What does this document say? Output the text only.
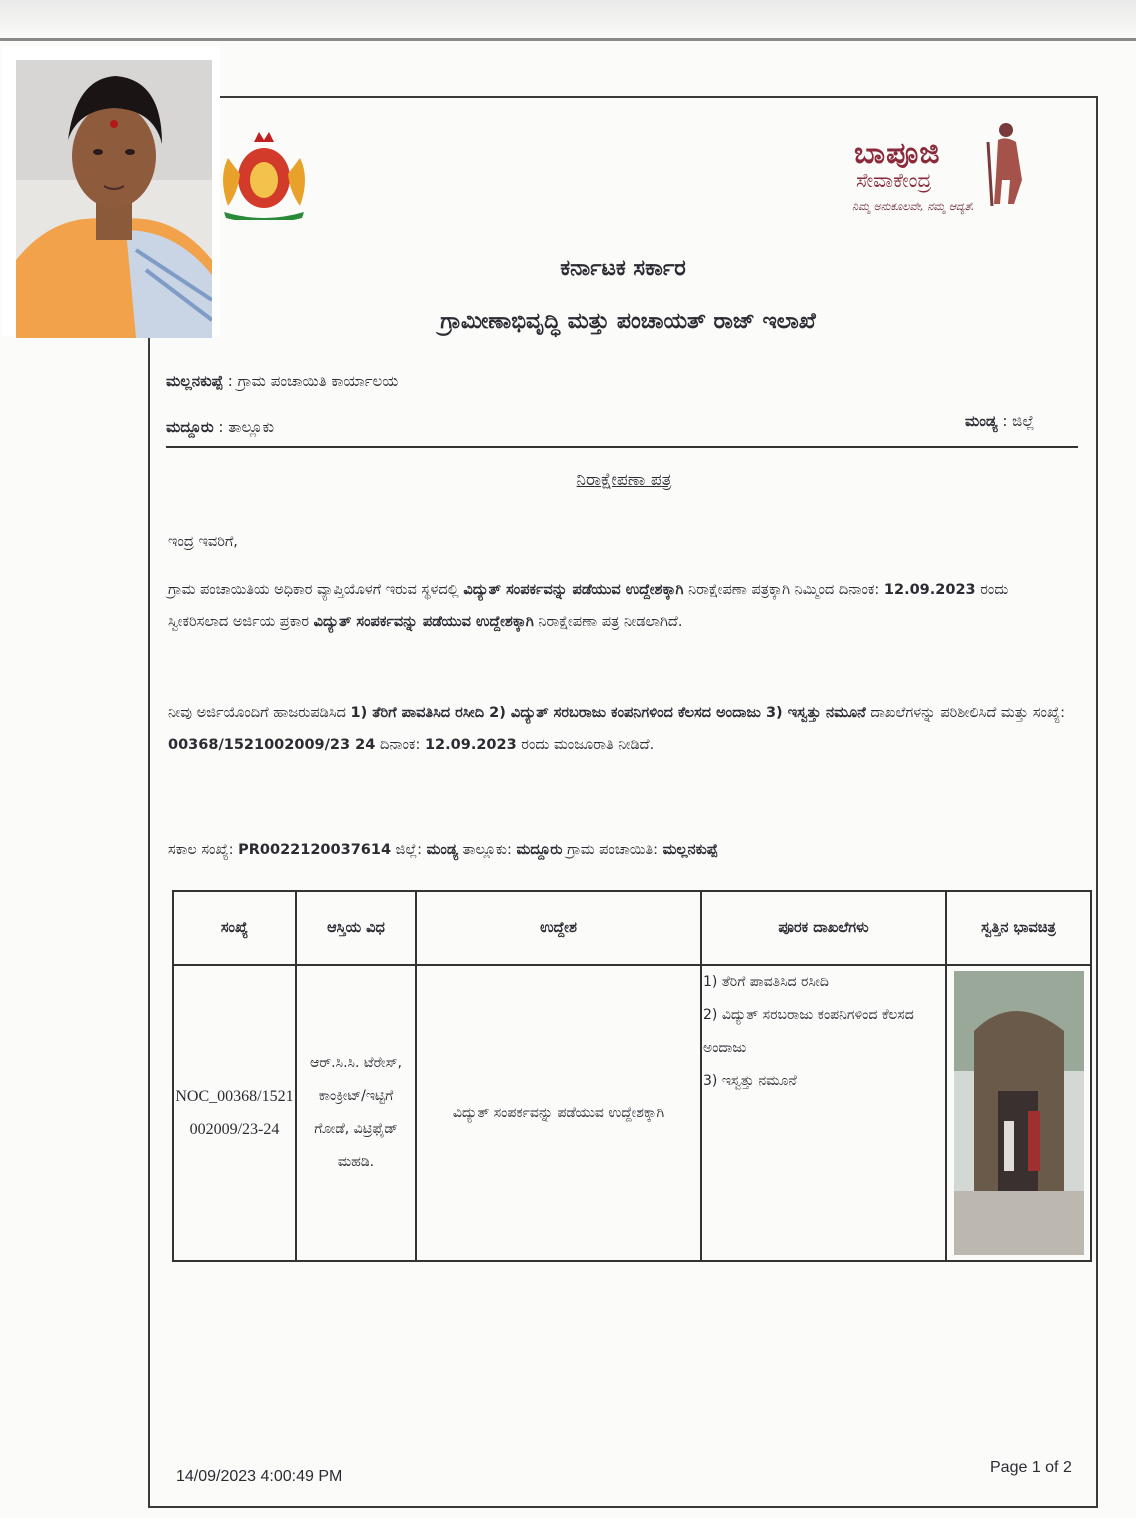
ಬಾಪೂಜಿ
ಸೇವಾಕೇಂದ್ರ
ನಿಮ್ಮ ಅನುಕೂಲವೇ, ನಮ್ಮ ಆದ್ಯತೆ.
ಕರ್ನಾಟಕ ಸರ್ಕಾರ
ಗ್ರಾಮೀಣಾಭಿವೃದ್ಧಿ ಮತ್ತು ಪಂಚಾಯತ್ ರಾಜ್ ಇಲಾಖೆ
ಮಲ್ಲನಕುಪ್ಪೆ : ಗ್ರಾಮ ಪಂಚಾಯಿತಿ ಕಾರ್ಯಾಲಯ
ಮದ್ದೂರು : ತಾಲ್ಲೂಕು	ಮಂಡ್ಯ : ಜಿಲ್ಲೆ
ನಿರಾಕ್ಷೇಪಣಾ ಪತ್ರ
ಇಂದ್ರ ಇವರಿಗೆ,
ಗ್ರಾಮ ಪಂಚಾಯಿತಿಯ ಅಧಿಕಾರ ವ್ಯಾಪ್ತಿಯೊಳಗೆ ಇರುವ ಸ್ಥಳದಲ್ಲಿ ವಿದ್ಯುತ್ ಸಂಪರ್ಕವನ್ನು ಪಡೆಯುವ ಉದ್ದೇಶಕ್ಕಾಗಿ ನಿರಾಕ್ಷೇಪಣಾ ಪತ್ರಕ್ಕಾಗಿ ನಿಮ್ಮಿಂದ ದಿನಾಂಕ: 12.09.2023 ರಂದು ಸ್ವೀಕರಿಸಲಾದ ಅರ್ಜಿಯ ಪ್ರಕಾರ ವಿದ್ಯುತ್ ಸಂಪರ್ಕವನ್ನು ಪಡೆಯುವ ಉದ್ದೇಶಕ್ಕಾಗಿ ನಿರಾಕ್ಷೇಪಣಾ ಪತ್ರ ನೀಡಲಾಗಿದೆ.
ನೀವು ಅರ್ಜಿಯೊಂದಿಗೆ ಹಾಜರುಪಡಿಸಿದ 1) ತೆರಿಗೆ ಪಾವತಿಸಿದ ರಸೀದಿ 2) ವಿದ್ಯುತ್ ಸರಬರಾಜು ಕಂಪನಿಗಳಿಂದ ಕೆಲಸದ ಅಂದಾಜು 3) ಇಸ್ವತ್ತು ನಮೂನೆ ದಾಖಲೆಗಳನ್ನು ಪರಿಶೀಲಿಸಿದೆ ಮತ್ತು ಸಂಖ್ಯೆ: 00368/1521002009/23 24 ದಿನಾಂಕ: 12.09.2023 ರಂದು ಮಂಜೂರಾತಿ ನೀಡಿದೆ.
ಸಕಾಲ ಸಂಖ್ಯೆ: PR0022120037614 ಜಿಲ್ಲೆ: ಮಂಡ್ಯ ತಾಲ್ಲೂಕು: ಮದ್ದೂರು ಗ್ರಾಮ ಪಂಚಾಯಿತಿ: ಮಲ್ಲನಕುಪ್ಪೆ
ಸಂಖ್ಯೆ	ಆಸ್ತಿಯ ವಿಧ	ಉದ್ದೇಶ	ಪೂರಕ ದಾಖಲೆಗಳು	ಸ್ವತ್ತಿನ ಭಾವಚಿತ್ರ
NOC_00368/1521002009/23-24	ಆರ್.ಸಿ.ಸಿ. ಟೆರೇಸ್, ಕಾಂಕ್ರೀಟ್/ಇಟ್ಟಿಗೆ ಗೋಡೆ, ವಿಟ್ರಿಫೈಡ್ ಮಹಡಿ.	ವಿದ್ಯುತ್ ಸಂಪರ್ಕವನ್ನು ಪಡೆಯುವ ಉದ್ದೇಶಕ್ಕಾಗಿ	1) ತೆರಿಗೆ ಪಾವತಿಸಿದ ರಸೀದಿ
2) ವಿದ್ಯುತ್ ಸರಬರಾಜು ಕಂಪನಿಗಳಿಂದ ಕೆಲಸದ ಅಂದಾಜು
3) ಇಸ್ವತ್ತು ನಮೂನೆ

14/09/2023 4:00:49 PM
Page 1 of 2
